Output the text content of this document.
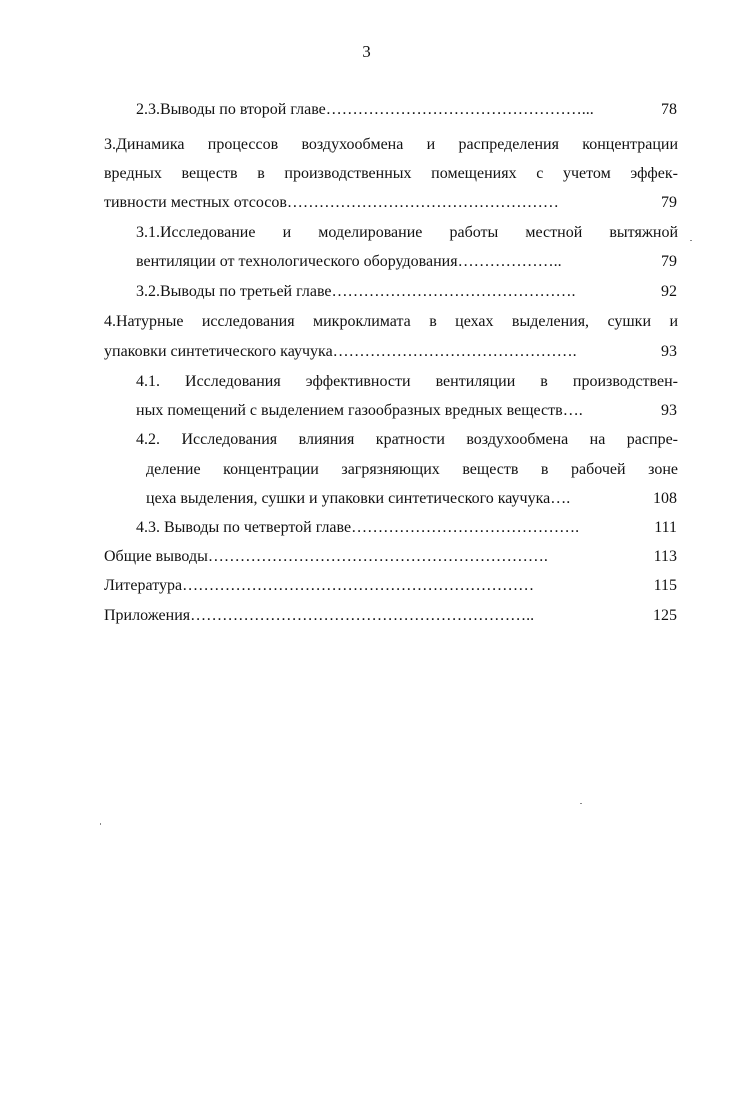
3
2.3.Выводы по второй главе…………………………………………...	78
3.Динамика процессов воздухообмена и распределения концентрации
вредных веществ в производственных помещениях с учетом эффек-
тивности местных отсосов……………………………………………	79
3.1.Исследование и моделирование работы местной вытяжной
вентиляции от технологического оборудования………………..	79
3.2.Выводы по третьей главе……………………………………….	92
4.Натурные исследования микроклимата в цехах выделения, сушки и
упаковки синтетического каучука……………………………………….	93
4.1. Исследования эффективности вентиляции в производствен-
ных помещений с выделением газообразных вредных веществ….	93
4.2. Исследования влияния кратности воздухообмена на распре-
деление концентрации загрязняющих веществ в рабочей зоне
цеха выделения, сушки и упаковки синтетического каучука….	108
4.3. Выводы по четвертой главе…………………………………….	111
Общие выводы……………………………………………………….	113
Литература…………………………………………………………	115
Приложения………………………………………………………..	125
